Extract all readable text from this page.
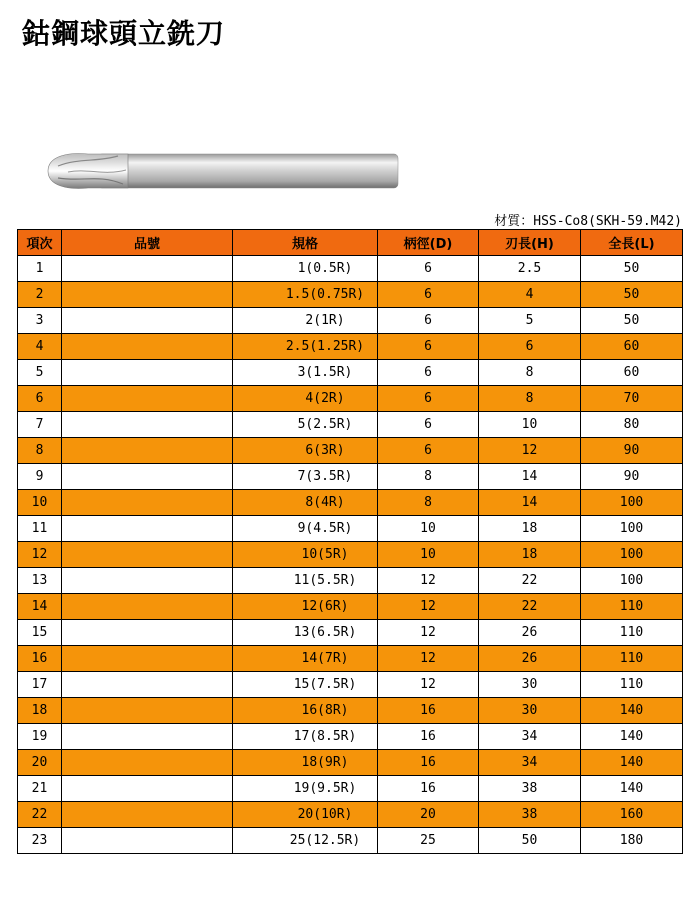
鈷鋼球頭立銑刀
材質：HSS-Co8(SKH-59.M42)
項次	品號	規格	柄徑(D)	刃長(H)	全長(L)
1		1(0.5R)	6	2.5	50
2		1.5(0.75R)	6	4	50
3		2(1R)	6	5	50
4		2.5(1.25R)	6	6	60
5		3(1.5R)	6	8	60
6		4(2R)	6	8	70
7		5(2.5R)	6	10	80
8		6(3R)	6	12	90
9		7(3.5R)	8	14	90
10		8(4R)	8	14	100
11		9(4.5R)	10	18	100
12		10(5R)	10	18	100
13		11(5.5R)	12	22	100
14		12(6R)	12	22	110
15		13(6.5R)	12	26	110
16		14(7R)	12	26	110
17		15(7.5R)	12	30	110
18		16(8R)	16	30	140
19		17(8.5R)	16	34	140
20		18(9R)	16	34	140
21		19(9.5R)	16	38	140
22		20(10R)	20	38	160
23		25(12.5R)	25	50	180
